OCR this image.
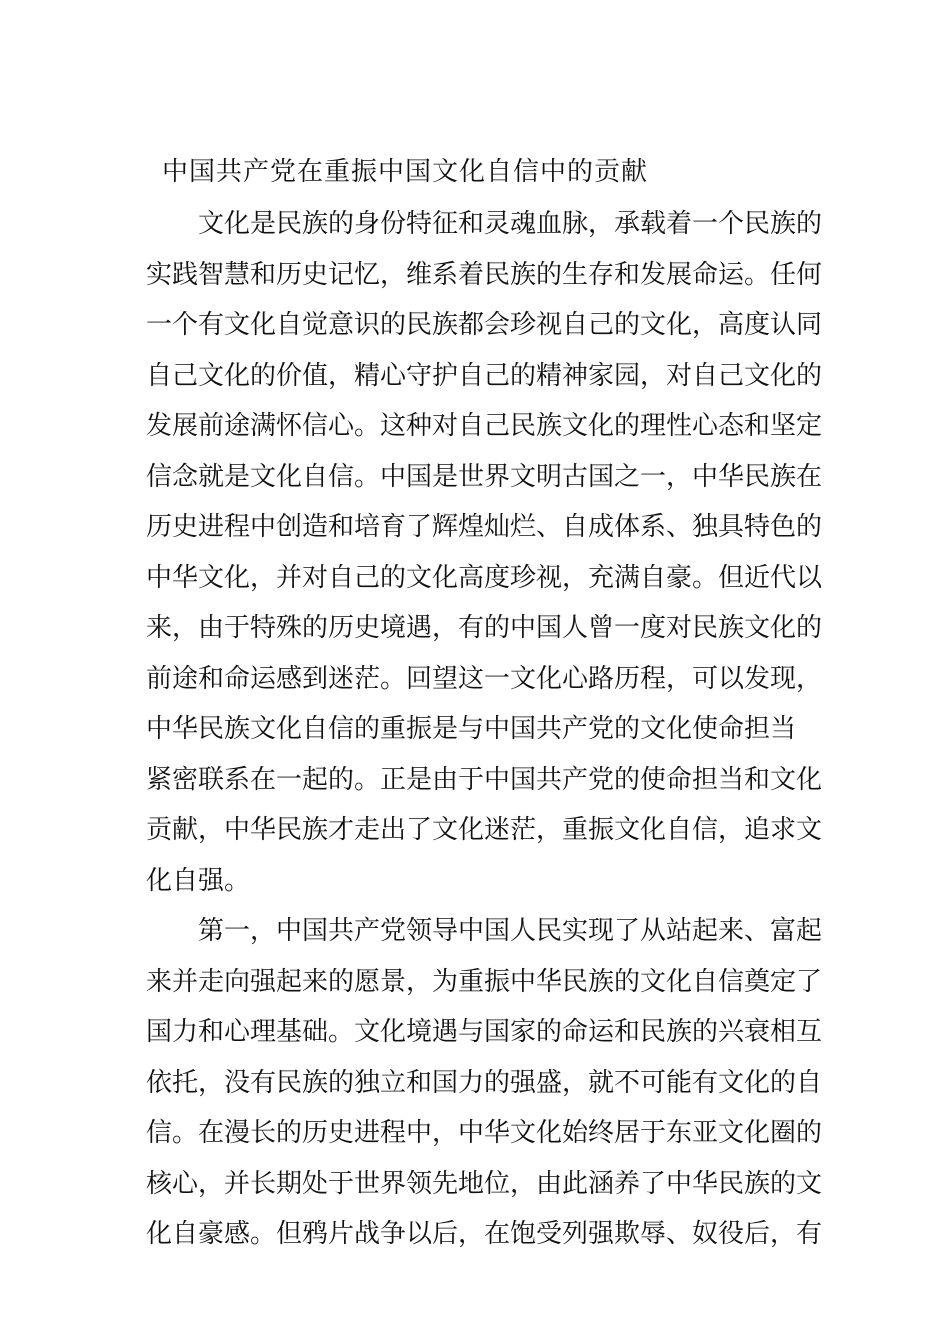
中国共产党在重振中国文化自信中的贡献
文化是民族的身份特征和灵魂血脉，承载着一个民族的
实践智慧和历史记忆，维系着民族的生存和发展命运。任何
一个有文化自觉意识的民族都会珍视自己的文化，高度认同
自己文化的价值，精心守护自己的精神家园，对自己文化的
发展前途满怀信心。这种对自己民族文化的理性心态和坚定
信念就是文化自信。中国是世界文明古国之一，中华民族在
历史进程中创造和培育了辉煌灿烂、自成体系、独具特色的
中华文化，并对自己的文化高度珍视，充满自豪。但近代以
来，由于特殊的历史境遇，有的中国人曾一度对民族文化的
前途和命运感到迷茫。回望这一文化心路历程，可以发现，
中华民族文化自信的重振是与中国共产党的文化使命担当
紧密联系在一起的。正是由于中国共产党的使命担当和文化
贡献，中华民族才走出了文化迷茫，重振文化自信，追求文
化自强。
第一，中国共产党领导中国人民实现了从站起来、富起
来并走向强起来的愿景，为重振中华民族的文化自信奠定了
国力和心理基础。文化境遇与国家的命运和民族的兴衰相互
依托，没有民族的独立和国力的强盛，就不可能有文化的自
信。在漫长的历史进程中，中华文化始终居于东亚文化圈的
核心，并长期处于世界领先地位，由此涵养了中华民族的文
化自豪感。但鸦片战争以后，在饱受列强欺辱、奴役后，有
